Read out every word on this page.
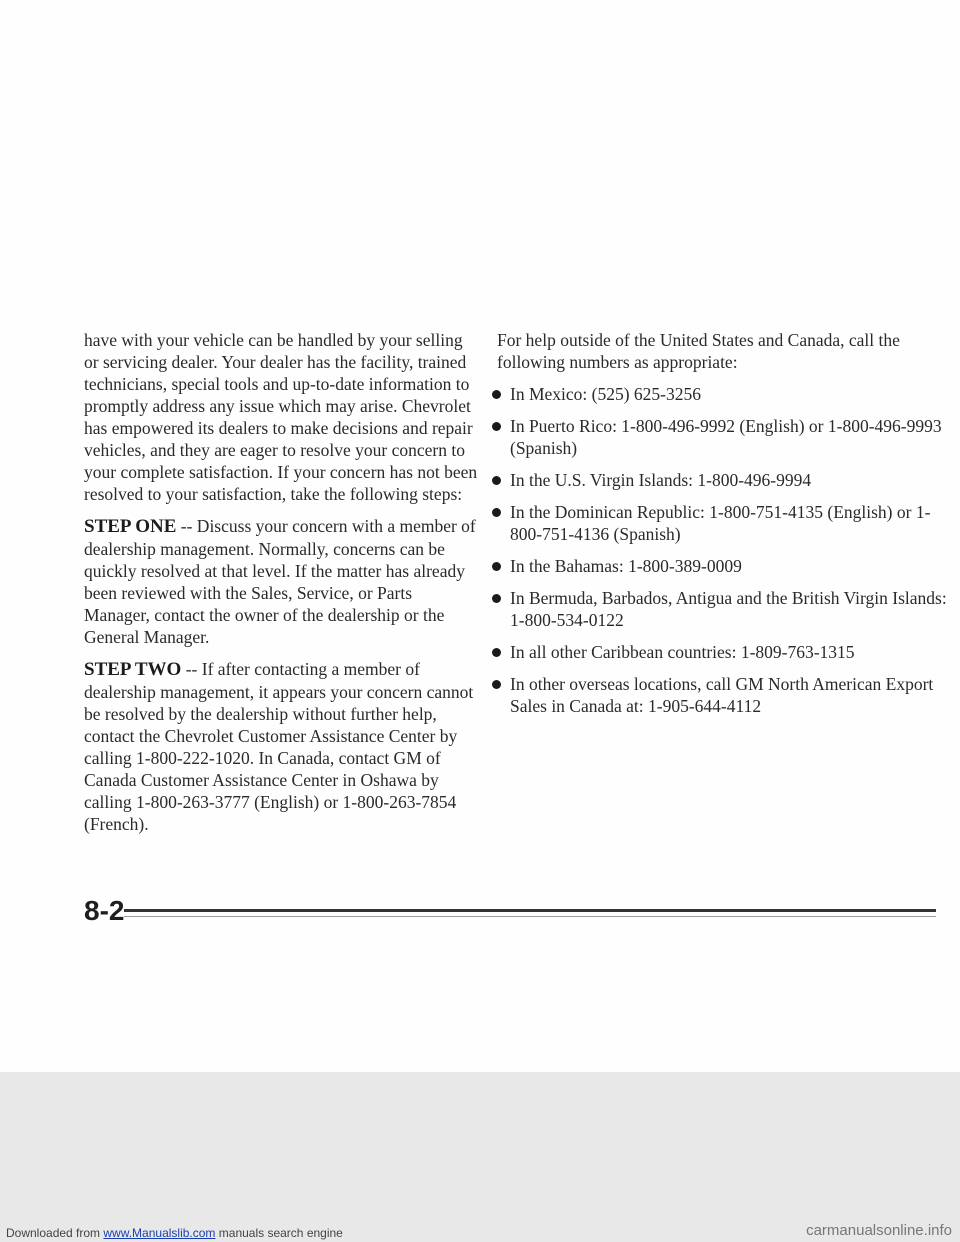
have with your vehicle can be handled by your selling or servicing dealer. Your dealer has the facility, trained technicians, special tools and up-to-date information to promptly address any issue which may arise. Chevrolet has empowered its dealers to make decisions and repair vehicles, and they are eager to resolve your concern to your complete satisfaction. If your concern has not been resolved to your satisfaction, take the following steps:

STEP ONE -- Discuss your concern with a member of dealership management. Normally, concerns can be quickly resolved at that level. If the matter has already been reviewed with the Sales, Service, or Parts Manager, contact the owner of the dealership or the General Manager.

STEP TWO -- If after contacting a member of dealership management, it appears your concern cannot be resolved by the dealership without further help, contact the Chevrolet Customer Assistance Center by calling 1-800-222-1020. In Canada, contact GM of Canada Customer Assistance Center in Oshawa by calling 1-800-263-3777 (English) or 1-800-263-7854 (French).

For help outside of the United States and Canada, call the following numbers as appropriate:

In Mexico: (525) 625-3256
In Puerto Rico: 1-800-496-9992 (English) or 1-800-496-9993 (Spanish)
In the U.S. Virgin Islands: 1-800-496-9994
In the Dominican Republic: 1-800-751-4135 (English) or 1-800-751-4136 (Spanish)
In the Bahamas: 1-800-389-0009
In Bermuda, Barbados, Antigua and the British Virgin Islands: 1-800-534-0122
In all other Caribbean countries: 1-809-763-1315
In other overseas locations, call GM North American Export Sales in Canada at: 1-905-644-4112
8-2
Downloaded from www.Manualslib.com manuals search engine	carmanualsonline.info
